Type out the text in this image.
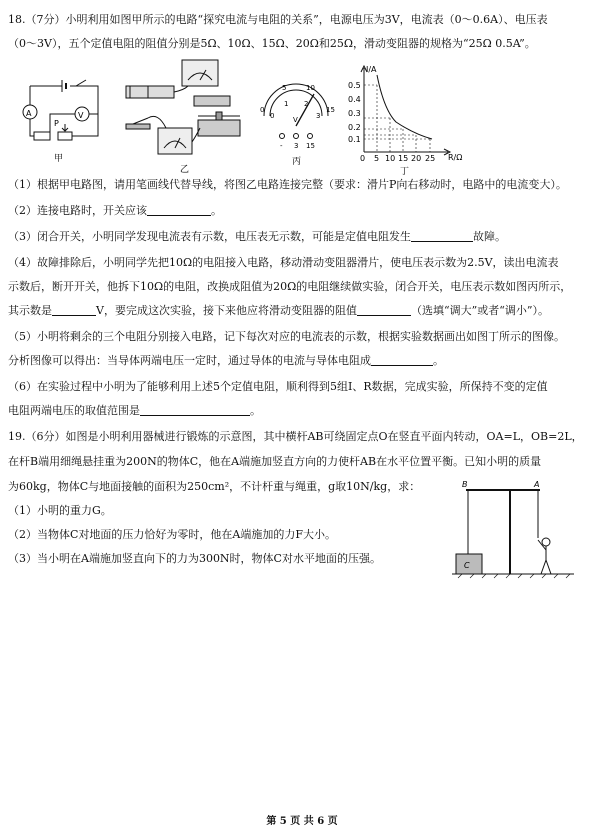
18.（7分）小明利用如图甲所示的电路“探究电流与电阻的关系”，电源电压为3V，电流表（0～0.6A）、电压表
（0～3V），五个定值电阻的阻值分别是5Ω、10Ω、15Ω、20Ω和25Ω，滑动变阻器的规格为“25Ω 0.5A”。
A	V
P
甲
乙
0
5	10
15
0
1 2
3
V
- 3 15
丙
I/A
R/Ω
0.5
0.4
0.3
0.2
0.1
0 5 10 15 20 25
丁
（1）根据甲电路图，请用笔画线代替导线，将图乙电路连接完整（要求：滑片P向右移动时，电路中的电流变大）。
（2）连接电路时，开关应该	。
（3）闭合开关，小明同学发现电流表有示数，电压表无示数，可能是定值电阻发生	故障。
（4）故障排除后，小明同学先把10Ω的电阻接入电路，移动滑动变阻器滑片，使电压表示数为2.5V，读出电流表
示数后，断开开关，他拆下10Ω的电阻，改换成阻值为20Ω的电阻继续做实验，闭合开关，电压表示数如图丙所示，
其示数是	V，要完成这次实验，接下来他应将滑动变阻器的阻值	（选填“调大”或者“调小”）。
（5）小明将剩余的三个电阻分别接入电路，记下每次对应的电流表的示数，根据实验数据画出如图丁所示的图像。
分析图像可以得出：当导体两端电压一定时，通过导体的电流与导体电阻成	。
（6）在实验过程中小明为了能够利用上述5个定值电阻，顺利得到5组I、R数据，完成实验，所保持不变的定值
电阻两端电压的取值范围是	。
19.（6分）如图是小明利用器械进行锻炼的示意图，其中横杆AB可绕固定点O在竖直平面内转动，OA=L，OB=2L，
在杆B端用细绳悬挂重为200N的物体C，他在A端施加竖直方向的力使杆AB在水平位置平衡。已知小明的质量
为60kg，物体C与地面接触的面积为250cm²，不计杆重与绳重，g取10N/kg，求：
（1）小明的重力G。
（2）当物体C对地面的压力恰好为零时，他在A端施加的力F大小。
（3）当小明在A端施加竖直向下的力为300N时，物体C对水平地面的压强。
B	A
C
第 5 页 共 6 页
